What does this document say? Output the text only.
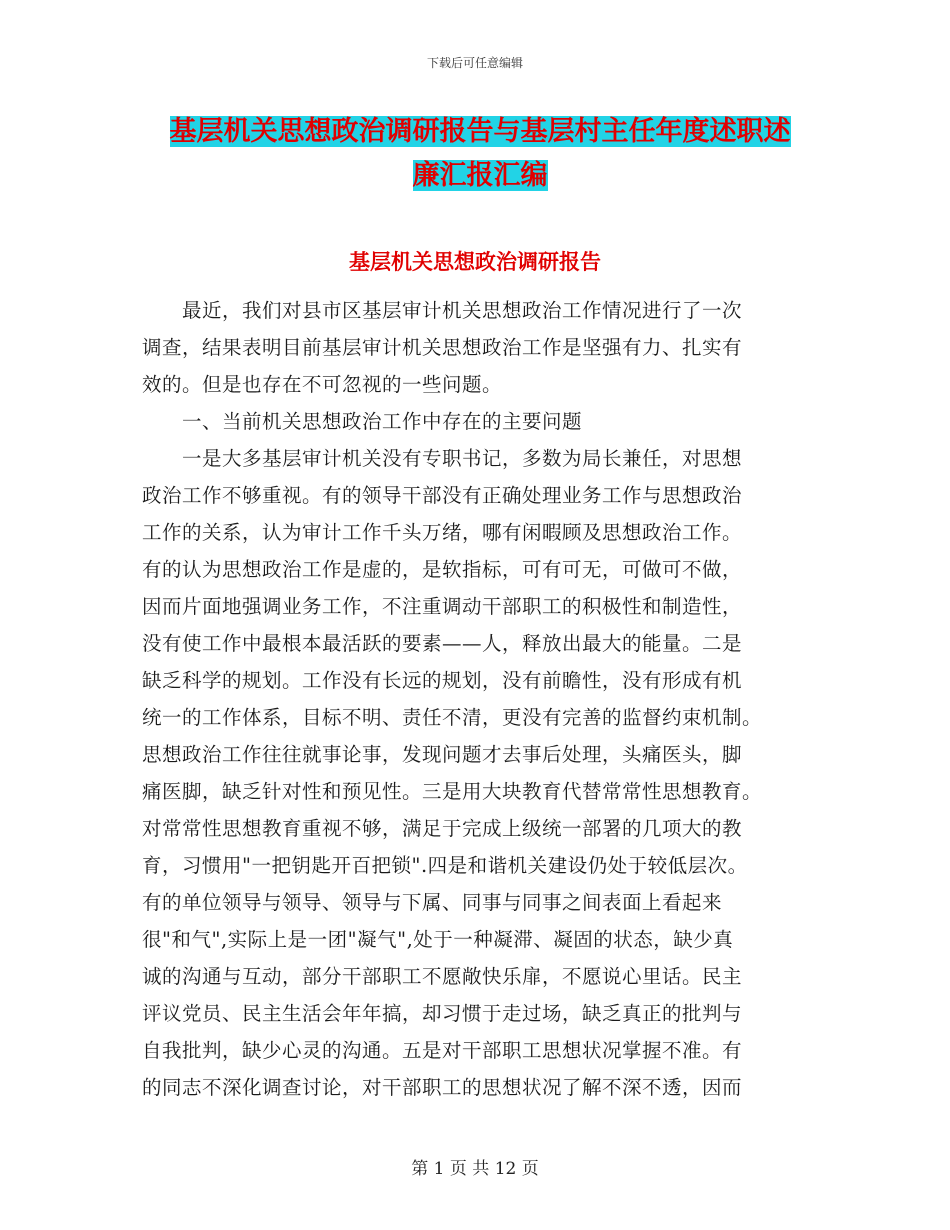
下载后可任意编辑
基层机关思想政治调研报告与基层村主任年度述职述
廉汇报汇编
基层机关思想政治调研报告
　　最近，我们对县市区基层审计机关思想政治工作情况进行了一次
调查，结果表明目前基层审计机关思想政治工作是坚强有力、扎实有
效的。但是也存在不可忽视的一些问题。
　　一、当前机关思想政治工作中存在的主要问题
　　一是大多基层审计机关没有专职书记，多数为局长兼任，对思想
政治工作不够重视。有的领导干部没有正确处理业务工作与思想政治
工作的关系，认为审计工作千头万绪，哪有闲暇顾及思想政治工作。
有的认为思想政治工作是虚的，是软指标，可有可无，可做可不做，
因而片面地强调业务工作，不注重调动干部职工的积极性和制造性，
没有使工作中最根本最活跃的要素——人，释放出最大的能量。二是
缺乏科学的规划。工作没有长远的规划，没有前瞻性，没有形成有机
统一的工作体系，目标不明、责任不清，更没有完善的监督约束机制。
思想政治工作往往就事论事，发现问题才去事后处理，头痛医头，脚
痛医脚，缺乏针对性和预见性。三是用大块教育代替常常性思想教育。
对常常性思想教育重视不够，满足于完成上级统一部署的几项大的教
育，习惯用"一把钥匙开百把锁".四是和谐机关建设仍处于较低层次。
有的单位领导与领导、领导与下属、同事与同事之间表面上看起来
很"和气",实际上是一团"凝气",处于一种凝滞、凝固的状态，缺少真
诚的沟通与互动，部分干部职工不愿敞快乐扉，不愿说心里话。民主
评议党员、民主生活会年年搞，却习惯于走过场，缺乏真正的批判与
自我批判，缺少心灵的沟通。五是对干部职工思想状况掌握不准。有
的同志不深化调查讨论，对干部职工的思想状况了解不深不透，因而
第 1 页 共 12 页
